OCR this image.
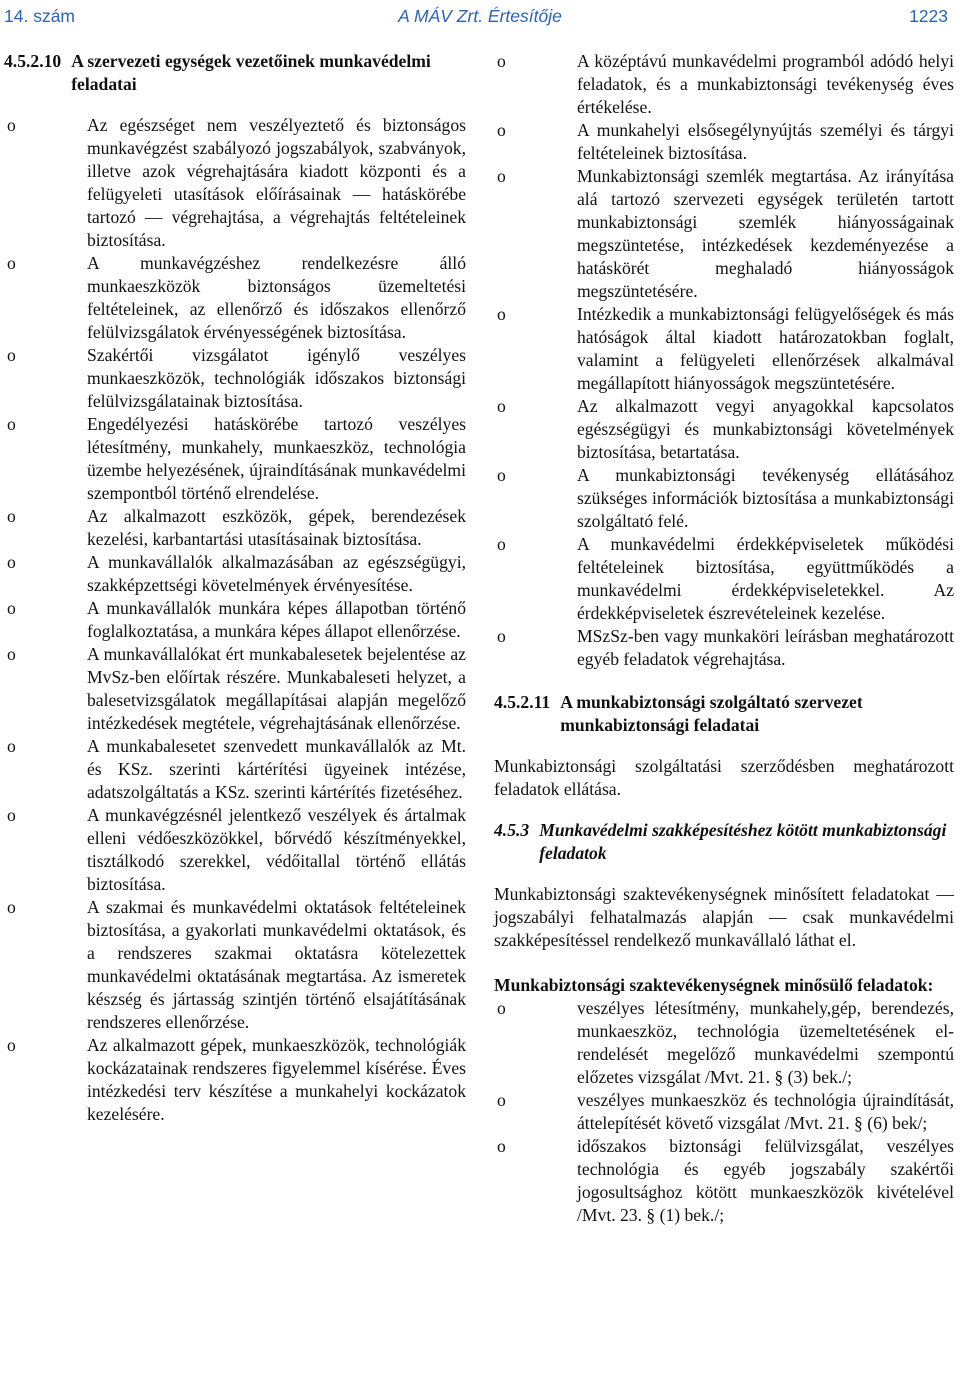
14. szám	A MÁV Zrt. Értesítője	1223
4.5.2.10 A szervezeti egységek vezetőinek munkavédelmi feladatai
o	Az egészséget nem veszélyeztető és biztonságos munkavégzést szabályozó jogszabályok, szabványok, illetve azok végrehajtására kiadott központi és a felügyeleti utasítások előírásainak — hatáskörébe tartozó — végrehajtása, a végrehajtás feltételeinek biztosítása.
o	A munkavégzéshez rendelkezésre álló munkaeszközök biztonságos üzemeltetési feltételeinek, az ellenőrző és időszakos ellenőrző felülvizsgálatok érvényességének biztosítása.
o	Szakértői vizsgálatot igénylő veszélyes munkaeszközök, technológiák időszakos biztonsági felülvizsgálatainak biztosítása.
o	Engedélyezési hatáskörébe tartozó veszélyes létesítmény, munkahely, munkaeszköz, technológia üzembe helyezésének, újraindításának munkavédelmi szempontból történő elrendelése.
o	Az alkalmazott eszközök, gépek, berendezések kezelési, karbantartási utasításainak biztosítása.
o	A munkavállalók alkalmazásában az egészségügyi, szakképzettségi követelmények érvényesítése.
o	A munkavállalók munkára képes állapotban történő foglalkoztatása, a munkára képes állapot ellenőrzése.
o	A munkavállalókat ért munkabalesetek bejelentése az MvSz-ben előírtak részére. Munkabaleseti helyzet, a balesetvizsgálatok megállapításai alapján megelőző intézkedések megtétele, végrehajtásának ellenőrzése.
o	A munkabalesetet szenvedett munkavállalók az Mt. és KSz. szerinti kártérítési ügyeinek intézése, adatszolgáltatás a KSz. szerinti kártérítés fizetéséhez.
o	A munkavégzésnél jelentkező veszélyek és ártalmak elleni védőeszközökkel, bőrvédő készítményekkel, tisztálkodó szerekkel, védőitallal történő ellátás biztosítása.
o	A szakmai és munkavédelmi oktatások feltételeinek biztosítása, a gyakorlati munkavédelmi oktatások, és a rendszeres szakmai oktatásra kötelezettek munkavédelmi oktatásának megtartása. Az ismeretek készség és jártasság szintjén történő elsajátításának rendszeres ellenőrzése.
o	Az alkalmazott gépek, munkaeszközök, technológiák kockázatainak rendszeres figyelemmel kísérése. Éves intézkedési terv készítése a munkahelyi kockázatok kezelésére.
o	A középtávú munkavédelmi programból adódó helyi feladatok, és a munkabiztonsági tevékenység éves értékelése.
o	A munkahelyi elsősegélynyújtás személyi és tárgyi feltételeinek biztosítása.
o	Munkabiztonsági szemlék megtartása. Az irányítása alá tartozó szervezeti egységek területén tartott munkabiztonsági szemlék hiányosságainak megszüntetése, intézkedések kezdeményezése a hatáskörét meghaladó hiányosságok megszüntetésére.
o	Intézkedik a munkabiztonsági felügyelőségek és más hatóságok által kiadott határozatokban foglalt, valamint a felügyeleti ellenőrzések alkalmával megállapított hiányosságok megszüntetésére.
o	Az alkalmazott vegyi anyagokkal kapcsolatos egészségügyi és munkabiztonsági követelmények biztosítása, betartatása.
o	A munkabiztonsági tevékenység ellátásához szükséges információk biztosítása a munkabiztonsági szolgáltató felé.
o	A munkavédelmi érdekképviseletek működési feltételeinek biztosítása, együttműködés a munkavédelmi érdekképviseletekkel. Az érdekképviseletek észrevételeinek kezelése.
o	MSzSz-ben vagy munkaköri leírásban meghatározott egyéb feladatok végrehajtása.
4.5.2.11 A munkabiztonsági szolgáltató szervezet munkabiztonsági feladatai

Munkabiztonsági szolgáltatási szerződésben meghatározott feladatok ellátása.

4.5.3 Munkavédelmi szakképesítéshez kötött munkabiztonsági feladatok

Munkabiztonsági szaktevékenységnek minősített feladatokat — jogszabályi felhatalmazás alapján — csak munkavédelmi szakképesítéssel rendelkező munkavállaló láthat el.

Munkabiztonsági szaktevékenységnek minősülő feladatok:

o	veszélyes létesítmény, munkahely,gép, berendezés, munkaeszköz, technológia üzemeltetésének el-rendelését megelőző munkavédelmi szempontú előzetes vizsgálat /Mvt. 21. § (3) bek./;
o	veszélyes munkaeszköz és technológia újraindítását, áttelepítését követő vizsgálat /Mvt. 21. § (6) bek/;
o	időszakos biztonsági felülvizsgálat, veszélyes technológia és egyéb jogszabály szakértői jogosultsághoz kötött munkaeszközök kivételével /Mvt. 23. § (1) bek./;
